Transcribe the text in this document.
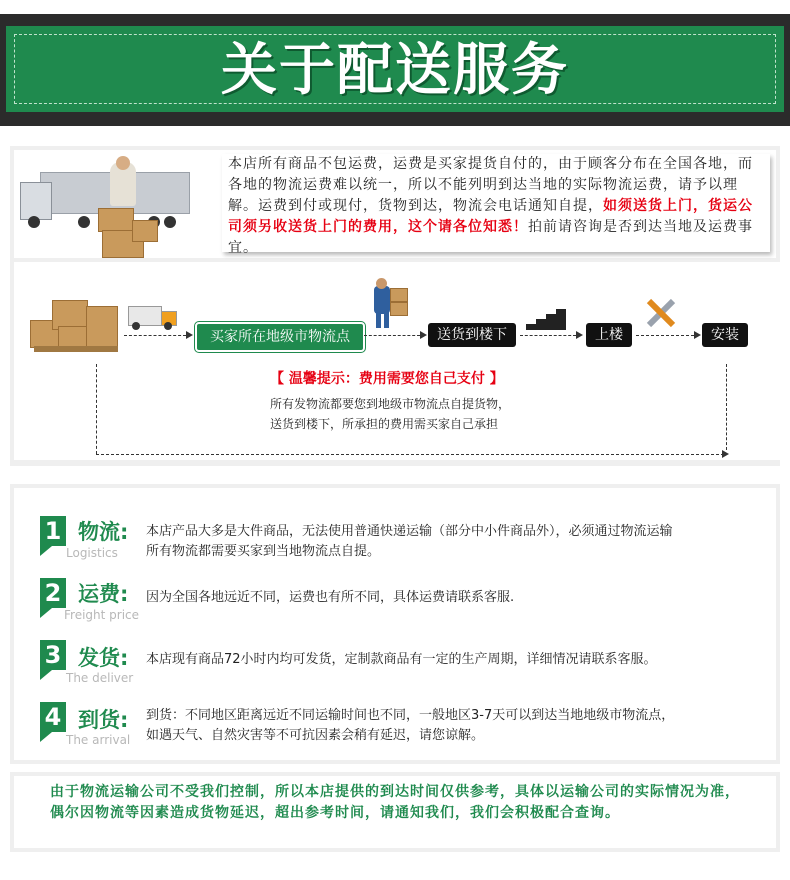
关于配送服务
本店所有商品不包运费，运费是买家提货自付的，由于顾客分布在全国各地，而各地的物流运费难以统一，所以不能列明到达当地的实际物流运费，请予以理解。运费到付或现付，货物到达，物流会电话通知自提，如须送货上门，货运公司须另收送货上门的费用，这个请各位知悉！拍前请咨询是否到达当地及运费事宜。
买家所在地级市物流点	送货到楼下	上楼	安装
【 温馨提示：费用需要您自己支付 】
所有发物流都要您到地级市物流点自提货物，
送货到楼下，所承担的费用需买家自己承担
1 物流:
Logistics
本店产品大多是大件商品，无法使用普通快递运输（部分中小件商品外），必须通过物流运输
所有物流都需要买家到当地物流点自提。
2 运费:
Freight price
因为全国各地远近不同，运费也有所不同，具体运费请联系客服.
3 发货:
The deliver
本店现有商品72小时内均可发货，定制款商品有一定的生产周期，详细情况请联系客服。
4 到货:
The arrival
到货：不同地区距离远近不同运输时间也不同，一般地区3-7天可以到达当地地级市物流点，
如遇天气、自然灾害等不可抗因素会稍有延迟，请您谅解。
由于物流运输公司不受我们控制，所以本店提供的到达时间仅供参考，具体以运输公司的实际情况为准，偶尔因物流等因素造成货物延迟，超出参考时间，请通知我们，我们会积极配合查询。
